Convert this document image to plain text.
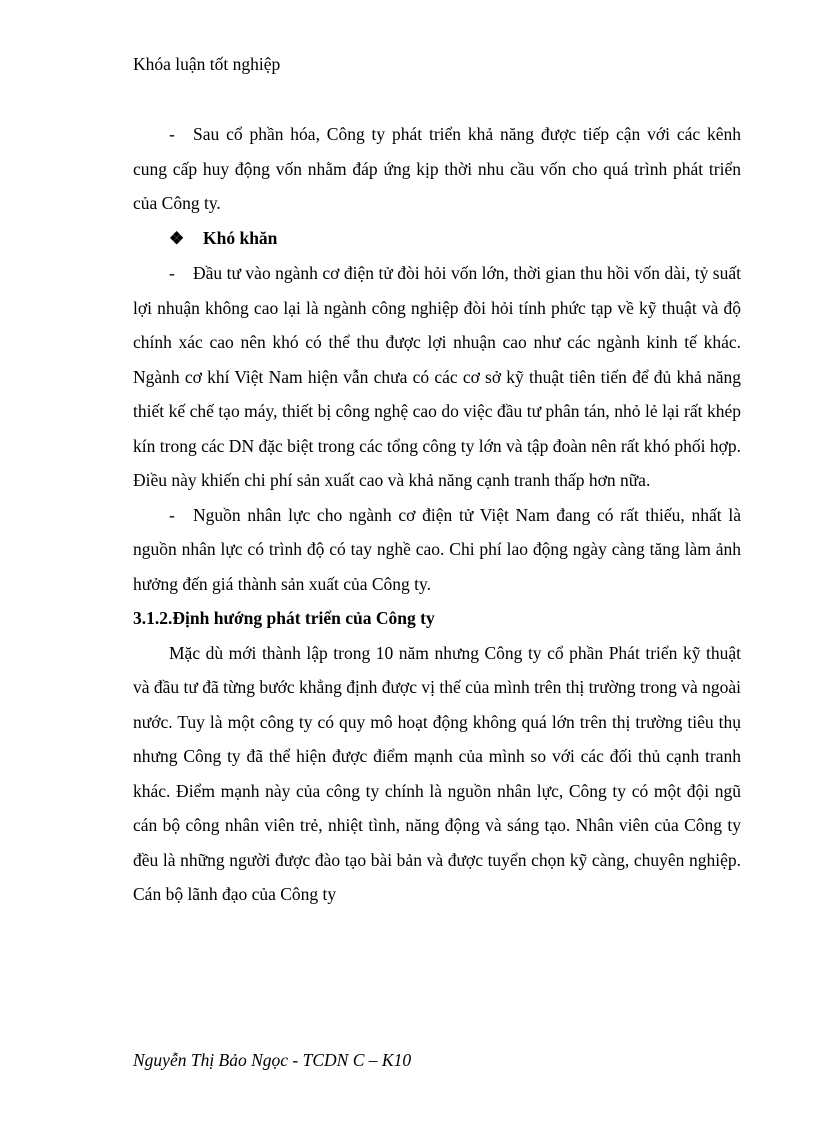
Khóa luận tốt nghiệp

- Sau cổ phần hóa, Công ty phát triển khả năng được tiếp cận với các kênh cung cấp huy động vốn nhằm đáp ứng kịp thời nhu cầu vốn cho quá trình phát triển của Công ty.

❖ Khó khăn

- Đầu tư vào ngành cơ điện tử đòi hỏi vốn lớn, thời gian thu hồi vốn dài, tỷ suất lợi nhuận không cao lại là ngành công nghiệp đòi hỏi tính phức tạp về kỹ thuật và độ chính xác cao nên khó có thể thu được lợi nhuận cao như các ngành kinh tế khác. Ngành cơ khí Việt Nam hiện vẫn chưa có các cơ sở kỹ thuật tiên tiến để đủ khả năng thiết kế chế tạo máy, thiết bị công nghệ cao do việc đầu tư phân tán, nhỏ lẻ lại rất khép kín trong các DN đặc biệt trong các tổng công ty lớn và tập đoàn nên rất khó phối hợp. Điều này khiến chi phí sản xuất cao và khả năng cạnh tranh thấp hơn nữa.

- Nguồn nhân lực cho ngành cơ điện tử Việt Nam đang có rất thiếu, nhất là nguồn nhân lực có trình độ có tay nghề cao. Chi phí lao động ngày càng tăng làm ảnh hưởng đến giá thành sản xuất của Công ty.

3.1.2.Định hướng phát triển của Công ty

Mặc dù mới thành lập trong 10 năm nhưng Công ty cổ phần Phát triển kỹ thuật và đầu tư đã từng bước khẳng định được vị thế của mình trên thị trường trong và ngoài nước. Tuy là một công ty có quy mô hoạt động không quá lớn trên thị trường tiêu thụ nhưng Công ty đã thể hiện được điểm mạnh của mình so với các đối thủ cạnh tranh khác. Điểm mạnh này của công ty chính là nguồn nhân lực, Công ty có một đội ngũ cán bộ công nhân viên trẻ, nhiệt tình, năng động và sáng tạo. Nhân viên của Công ty đều là những người được đào tạo bài bản và được tuyển chọn kỹ càng, chuyên nghiệp. Cán bộ lãnh đạo của Công ty

Nguyễn Thị Bảo Ngọc - TCDN C – K10
